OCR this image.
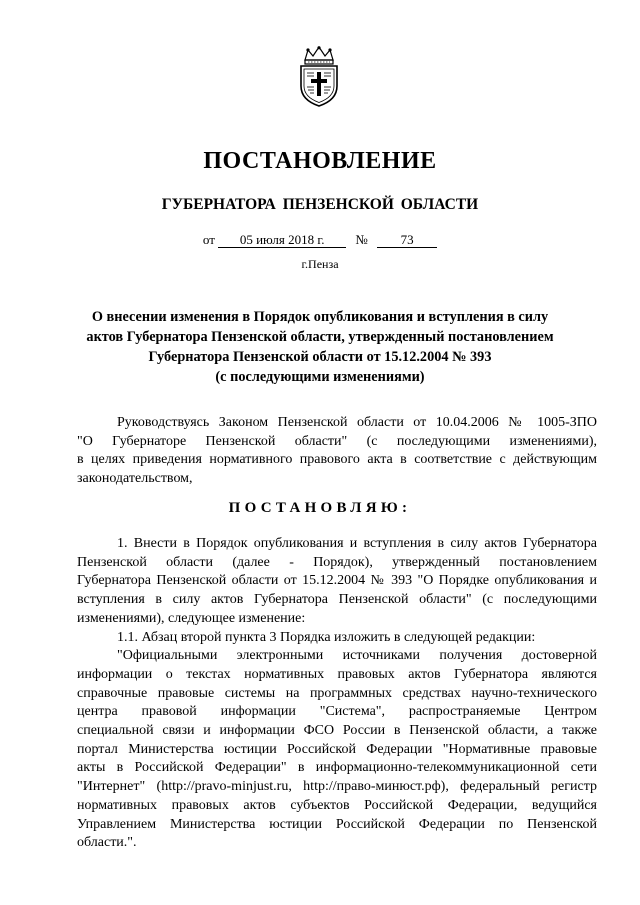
ПОСТАНОВЛЕНИЕ
ГУБЕРНАТОРА ПЕНЗЕНСКОЙ ОБЛАСТИ
от 05 июля 2018 г. №	73
г.Пенза
О внесении изменения в Порядок опубликования и вступления в силу
актов Губернатора Пензенской области, утвержденный постановлением
Губернатора Пензенской области от 15.12.2004 № 393
(с последующими изменениями)
Руководствуясь Законом Пензенской области от 10.04.2006 № 1005-ЗПО
"О Губернаторе Пензенской области" (с последующими изменениями),
в целях приведения нормативного правового акта в соответствие с действующим
законодательством,
ПОСТАНОВЛЯЮ:
1. Внести в Порядок опубликования и вступления в силу актов Губернатора
Пензенской области (далее - Порядок), утвержденный постановлением
Губернатора Пензенской области от 15.12.2004 № 393 "О Порядке опубликования и
вступления в силу актов Губернатора Пензенской области" (с последующими
изменениями), следующее изменение:
1.1. Абзац второй пункта 3 Порядка изложить в следующей редакции:
"Официальными электронными источниками получения достоверной
информации о текстах нормативных правовых актов Губернатора являются
справочные правовые системы на программных средствах научно-технического
центра правовой информации "Система", распространяемые Центром
специальной связи и информации ФСО России в Пензенской области, а также
портал Министерства юстиции Российской Федерации "Нормативные правовые
акты в Российской Федерации" в информационно-телекоммуникационной сети
"Интернет" (http://pravo-minjust.ru, http://право-минюст.рф), федеральный регистр
нормативных правовых актов субъектов Российской Федерации, ведущийся
Управлением Министерства юстиции Российской Федерации по Пензенской
области.".
